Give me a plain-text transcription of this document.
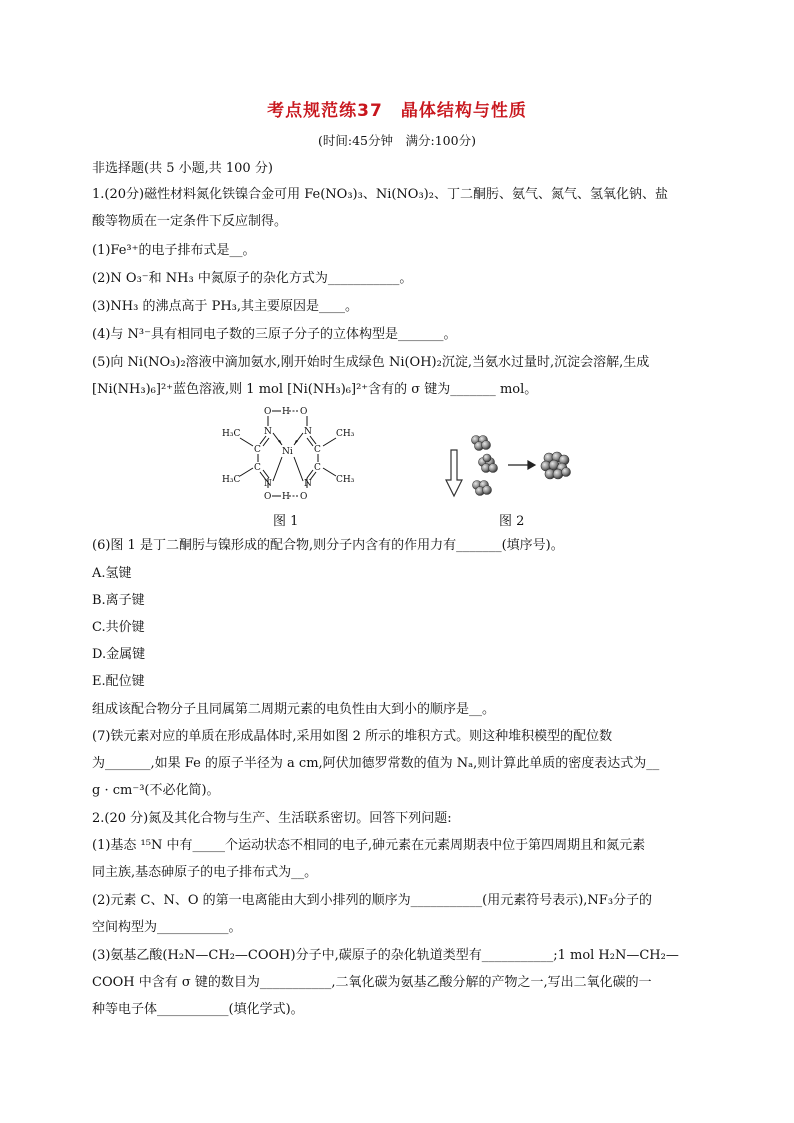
考点规范练37　晶体结构与性质
(时间:45分钟　满分:100分)
非选择题(共 5 小题,共 100 分)
1.(20分)磁性材料氮化铁镍合金可用 Fe(NO₃)₃、Ni(NO₃)₂、丁二酮肟、氨气、氮气、氢氧化钠、盐
酸等物质在一定条件下反应制得。
(1)Fe³⁺的电子排布式是__。
(2)N O₃⁻和 NH₃ 中氮原子的杂化方式为___________。
(3)NH₃ 的沸点高于 PH₃,其主要原因是____。
(4)与 N³⁻具有相同电子数的三原子分子的立体构型是_______。
(5)向 Ni(NO₃)₂溶液中滴加氨水,刚开始时生成绿色 Ni(OH)₂沉淀,当氨水过量时,沉淀会溶解,生成
[Ni(NH₃)₆]²⁺蓝色溶液,则 1 mol [Ni(NH₃)₆]²⁺含有的 σ 键为_______ mol。
O H O
N	N
C	C
Ni
C	C
N	N
O H O
H₃C
H₃C
CH₃
CH₃
图 1	图 2
(6)图 1 是丁二酮肟与镍形成的配合物,则分子内含有的作用力有_______(填序号)。
A.氢键
B.离子键
C.共价键
D.金属键
E.配位键
组成该配合物分子且同属第二周期元素的电负性由大到小的顺序是__。
(7)铁元素对应的单质在形成晶体时,采用如图 2 所示的堆积方式。则这种堆积模型的配位数
为_______,如果 Fe 的原子半径为 a cm,阿伏加德罗常数的值为 Nₐ,则计算此单质的密度表达式为__
g · cm⁻³(不必化简)。
2.(20 分)氮及其化合物与生产、生活联系密切。回答下列问题:
(1)基态 ¹⁵N 中有_____个运动状态不相同的电子,砷元素在元素周期表中位于第四周期且和氮元素
同主族,基态砷原子的电子排布式为__。
(2)元素 C、N、O 的第一电离能由大到小排列的顺序为___________(用元素符号表示),NF₃分子的
空间构型为___________。
(3)氨基乙酸(H₂N—CH₂—COOH)分子中,碳原子的杂化轨道类型有___________;1 mol H₂N—CH₂—
COOH 中含有 σ 键的数目为___________,二氧化碳为氨基乙酸分解的产物之一,写出二氧化碳的一
种等电子体___________(填化学式)。
